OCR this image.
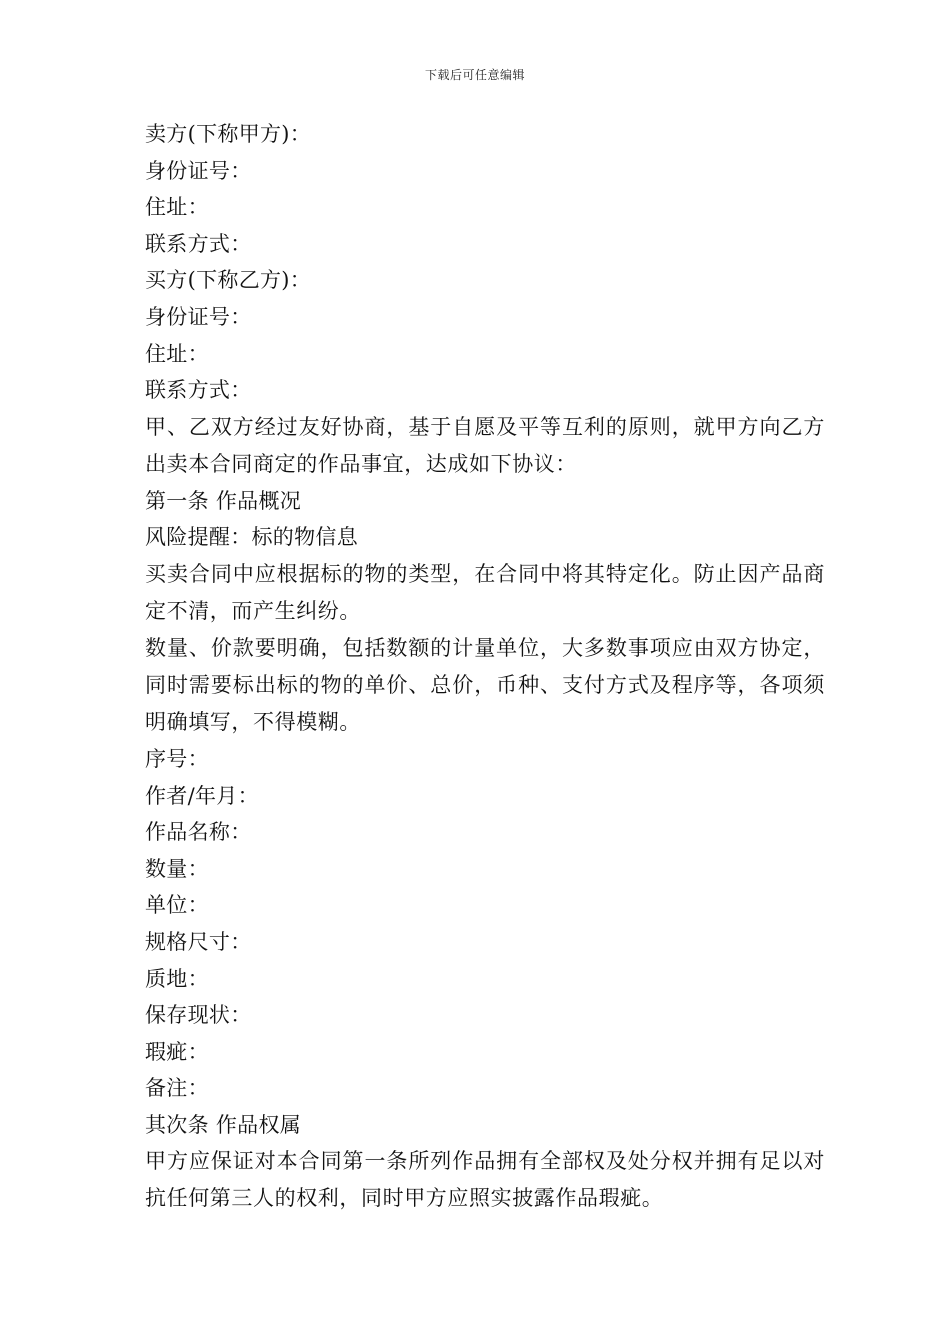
下载后可任意编辑

卖方(下称甲方)：

身份证号：

住址：

联系方式：

买方(下称乙方)：

身份证号：

住址：

联系方式：

甲、乙双方经过友好协商，基于自愿及平等互利的原则，就甲方向乙方出卖本合同商定的作品事宜，达成如下协议：

第一条 作品概况

风险提醒：标的物信息

买卖合同中应根据标的物的类型，在合同中将其特定化。防止因产品商定不清，而产生纠纷。

数量、价款要明确，包括数额的计量单位，大多数事项应由双方协定，同时需要标出标的物的单价、总价，币种、支付方式及程序等，各项须明确填写，不得模糊。

序号：

作者/年月：

作品名称：

数量：

单位：

规格尺寸：

质地：

保存现状：

瑕疵：

备注：

其次条 作品权属

甲方应保证对本合同第一条所列作品拥有全部权及处分权并拥有足以对抗任何第三人的权利，同时甲方应照实披露作品瑕疵。
